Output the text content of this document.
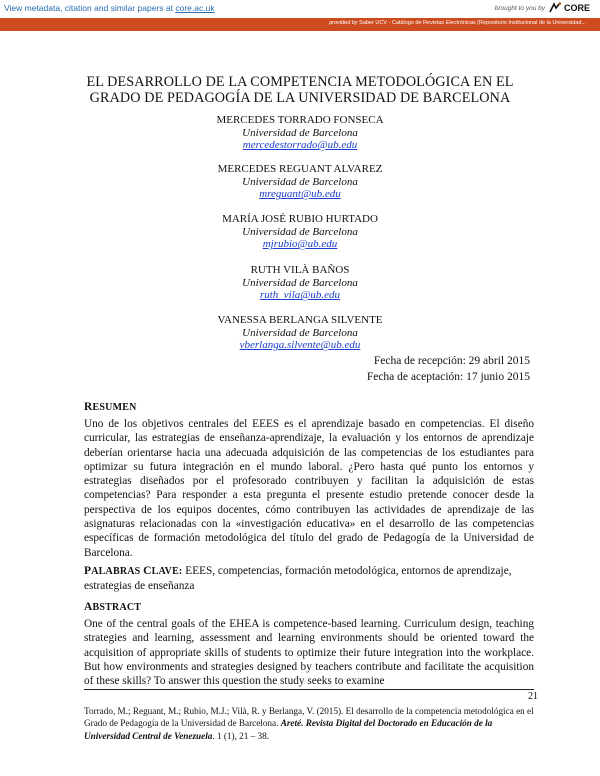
View metadata, citation and similar papers at core.ac.uk	brought to you by CORE
provided by Saber UCV - Catálogo de Revistas Electrónicas (Repositorio Institucional de la Universidad...
EL DESARROLLO DE LA COMPETENCIA METODOLÓGICA EN EL
GRADO DE PEDAGOGÍA DE LA UNIVERSIDAD DE BARCELONA
MERCEDES TORRADO FONSECA
Universidad de Barcelona
mercedestorrado@ub.edu
MERCEDES REGUANT ALVAREZ
Universidad de Barcelona
mreguant@ub.edu
MARÍA JOSÉ RUBIO HURTADO
Universidad de Barcelona
mjrubio@ub.edu
RUTH VILÀ BAÑOS
Universidad de Barcelona
ruth_vila@ub.edu
VANESSA BERLANGA SILVENTE
Universidad de Barcelona
vberlanga.silvente@ub.edu
Fecha de recepción: 29 abril 2015
Fecha de aceptación: 17 junio 2015
RESUMEN
Uno de los objetivos centrales del EEES es el aprendizaje basado en competencias. El diseño curricular, las estrategias de enseñanza-aprendizaje, la evaluación y los entornos de aprendizaje deberían orientarse hacia una adecuada adquisición de las competencias de los estudiantes para optimizar su futura integración en el mundo laboral. ¿Pero hasta qué punto los entornos y estrategias diseñados por el profesorado contribuyen y facilitan la adquisición de estas competencias? Para responder a esta pregunta el presente estudio pretende conocer desde la perspectiva de los equipos docentes, cómo contribuyen las actividades de aprendizaje de las asignaturas relacionadas con la «investigación educativa» en el desarrollo de las competencias específicas de formación metodológica del título del grado de Pedagogía de la Universidad de Barcelona.
PALABRAS CLAVE: EEES, competencias, formación metodológica, entornos de aprendizaje, estrategias de enseñanza
ABSTRACT
One of the central goals of the EHEA is competence-based learning. Curriculum design, teaching strategies and learning, assessment and learning environments should be oriented toward the acquisition of appropriate skills of students to optimize their future integration into the workplace. But how environments and strategies designed by teachers contribute and facilitate the acquisition of these skills? To answer this question the study seeks to examine
21
Torrado, M.; Reguant, M.; Rubio, M.J.; Vilà, R. y Berlanga, V. (2015). El desarrollo de la competencia metodológica en el Grado de Pedagogía de la Universidad de Barcelona. Areté. Revista Digital del Doctorado en Educación de la Universidad Central de Venezuela. 1 (1), 21 – 38.
